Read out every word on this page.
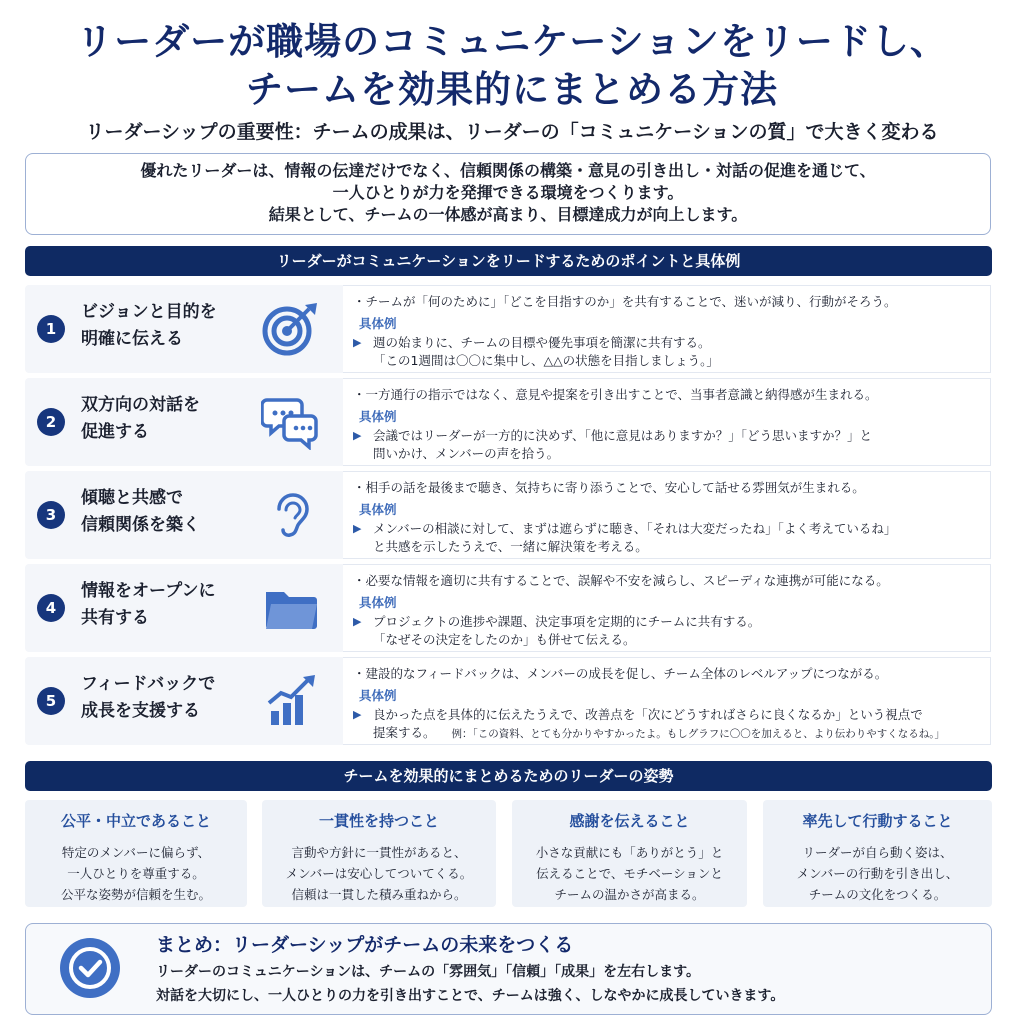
リーダーが職場のコミュニケーションをリードし、
チームを効果的にまとめる方法
リーダーシップの重要性：チームの成果は、リーダーの「コミュニケーションの質」で大きく変わる
優れたリーダーは、情報の伝達だけでなく、信頼関係の構築・意見の引き出し・対話の促進を通じて、
一人ひとりが力を発揮できる環境をつくります。
結果として、チームの一体感が高まり、目標達成力が向上します。
リーダーがコミュニケーションをリードするためのポイントと具体例
1
ビジョンと目的を
明確に伝える
・チームが「何のために」「どこを目指すのか」を共有することで、迷いが減り、行動がそろう。
具体例
▶ 週の始まりに、チームの目標や優先事項を簡潔に共有する。
「この1週間は〇〇に集中し、△△の状態を目指しましょう。」
2
双方向の対話を
促進する
・一方通行の指示ではなく、意見や提案を引き出すことで、当事者意識と納得感が生まれる。
具体例
▶ 会議ではリーダーが一方的に決めず、「他に意見はありますか？」「どう思いますか？」と
問いかけ、メンバーの声を拾う。
3
傾聴と共感で
信頼関係を築く
・相手の話を最後まで聴き、気持ちに寄り添うことで、安心して話せる雰囲気が生まれる。
具体例
▶ メンバーの相談に対して、まずは遮らずに聴き、「それは大変だったね」「よく考えているね」
と共感を示したうえで、一緒に解決策を考える。
4
情報をオープンに
共有する
・必要な情報を適切に共有することで、誤解や不安を減らし、スピーディな連携が可能になる。
具体例
▶ プロジェクトの進捗や課題、決定事項を定期的にチームに共有する。
「なぜその決定をしたのか」も併せて伝える。
5
フィードバックで
成長を支援する
・建設的なフィードバックは、メンバーの成長を促し、チーム全体のレベルアップにつながる。
具体例
▶ 良かった点を具体的に伝えたうえで、改善点を「次にどうすればさらに良くなるか」という視点で
提案する。 例：「この資料、とても分かりやすかったよ。もしグラフに〇〇を加えると、より伝わりやすくなるね。」
チームを効果的にまとめるためのリーダーの姿勢
公平・中立であること
特定のメンバーに偏らず、
一人ひとりを尊重する。
公平な姿勢が信頼を生む。
一貫性を持つこと
言動や方針に一貫性があると、
メンバーは安心してついてくる。
信頼は一貫した積み重ねから。
感謝を伝えること
小さな貢献にも「ありがとう」と
伝えることで、モチベーションと
チームの温かさが高まる。
率先して行動すること
リーダーが自ら動く姿は、
メンバーの行動を引き出し、
チームの文化をつくる。
まとめ：リーダーシップがチームの未来をつくる
リーダーのコミュニケーションは、チームの「雰囲気」「信頼」「成果」を左右します。
対話を大切にし、一人ひとりの力を引き出すことで、チームは強く、しなやかに成長していきます。
